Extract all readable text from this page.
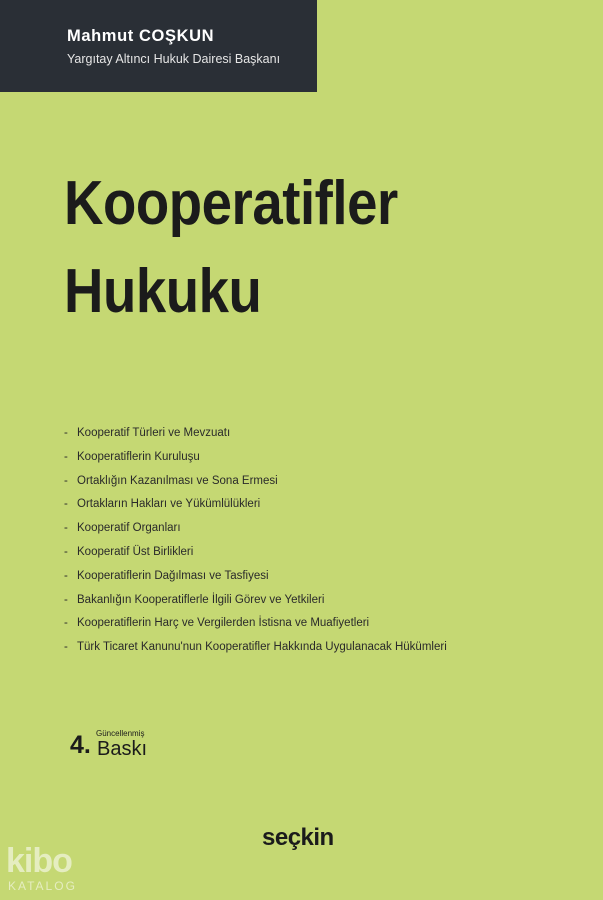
Mahmut COŞKUN
Yargıtay Altıncı Hukuk Dairesi Başkanı
Kooperatifler
Hukuku
- Kooperatif Türleri ve Mevzuatı
- Kooperatiflerin Kuruluşu
- Ortaklığın Kazanılması ve Sona Ermesi
- Ortakların Hakları ve Yükümlülükleri
- Kooperatif Organları
- Kooperatif Üst Birlikleri
- Kooperatiflerin Dağılması ve Tasfiyesi
- Bakanlığın Kooperatiflerle İlgili Görev ve Yetkileri
- Kooperatiflerin Harç ve Vergilerden İstisna ve Muafiyetleri
- Türk Ticaret Kanunu'nun Kooperatifler Hakkında Uygulanacak Hükümleri
4. Güncellenmiş
Baskı
seçkin
kibo
KATALOG
